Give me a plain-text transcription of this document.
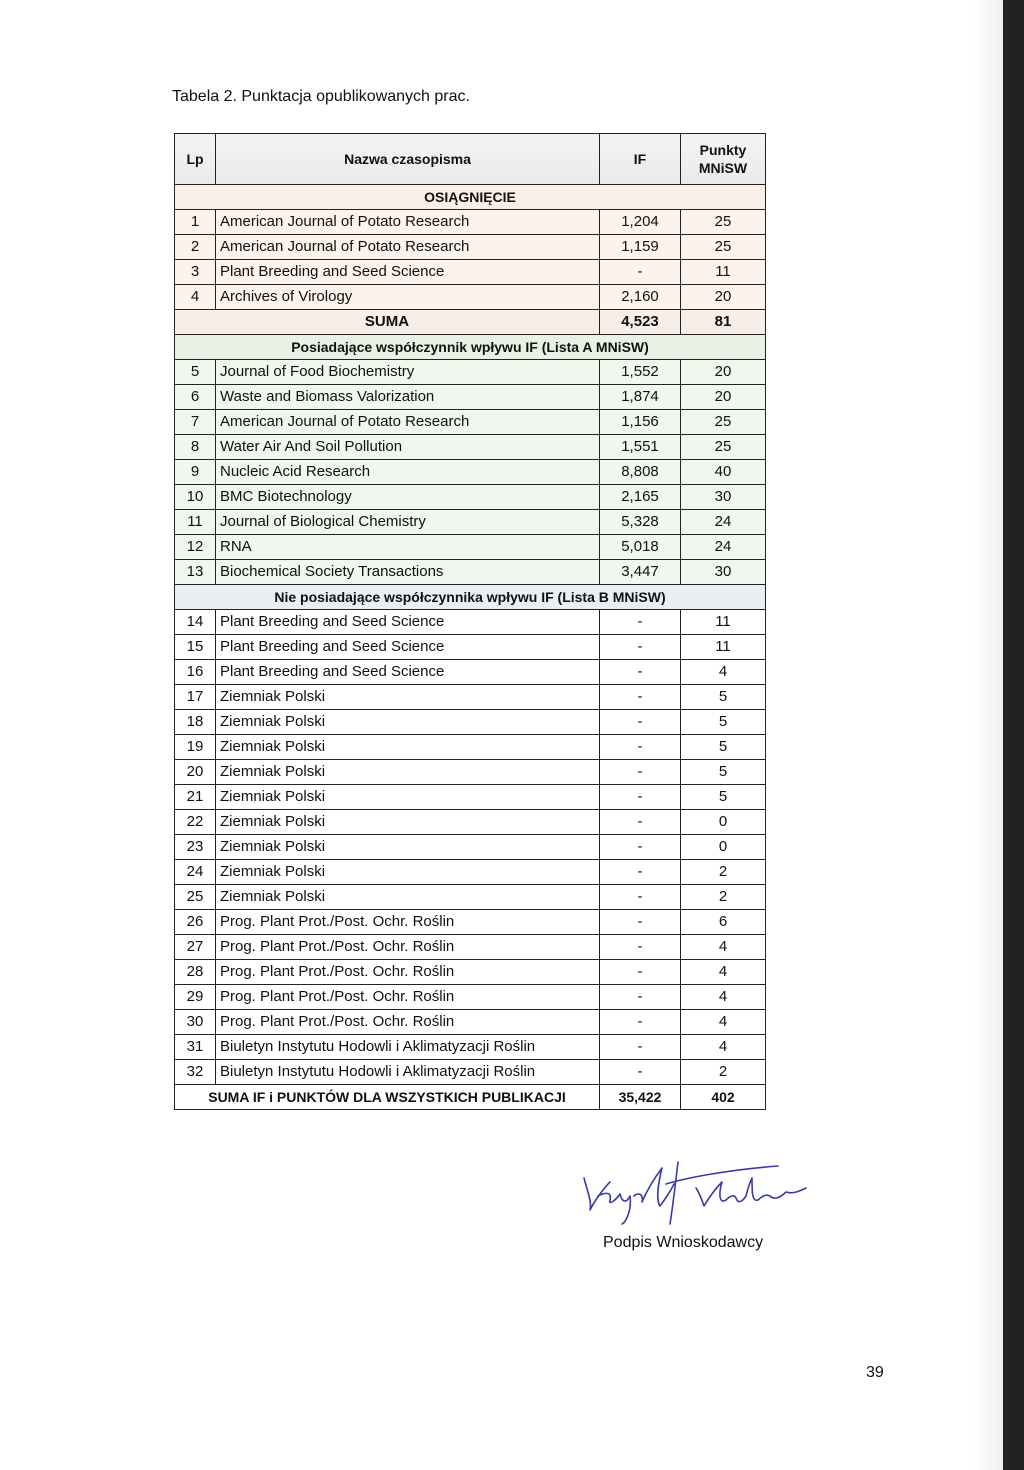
Tabela 2. Punktacja opublikowanych prac.
Lp	Nazwa czasopisma	IF	Punkty MNiSW
OSIĄGNIĘCIE			
1	American Journal of Potato Research	1,204	25
2	American Journal of Potato Research	1,159	25
3	Plant Breeding and Seed Science	-	11
4	Archives of Virology	2,160	20
SUMA		4,523	81
Posiadające współczynnik wpływu IF (Lista A MNiSW)			
5	Journal of Food Biochemistry	1,552	20
6	Waste and Biomass Valorization	1,874	20
7	American Journal of Potato Research	1,156	25
8	Water Air And Soil Pollution	1,551	25
9	Nucleic Acid Research	8,808	40
10	BMC Biotechnology	2,165	30
11	Journal of Biological Chemistry	5,328	24
12	RNA	5,018	24
13	Biochemical Society Transactions	3,447	30
Nie posiadające współczynnika wpływu IF (Lista B MNiSW)			
14	Plant Breeding and Seed Science	-	11
15	Plant Breeding and Seed Science	-	11
16	Plant Breeding and Seed Science	-	4
17	Ziemniak Polski	-	5
18	Ziemniak Polski	-	5
19	Ziemniak Polski	-	5
20	Ziemniak Polski	-	5
21	Ziemniak Polski	-	5
22	Ziemniak Polski	-	0
23	Ziemniak Polski	-	0
24	Ziemniak Polski	-	2
25	Ziemniak Polski	-	2
26	Prog. Plant Prot./Post. Ochr. Roślin	-	6
27	Prog. Plant Prot./Post. Ochr. Roślin	-	4
28	Prog. Plant Prot./Post. Ochr. Roślin	-	4
29	Prog. Plant Prot./Post. Ochr. Roślin	-	4
30	Prog. Plant Prot./Post. Ochr. Roślin	-	4
31	Biuletyn Instytutu Hodowli i Aklimatyzacji Roślin	-	4
32	Biuletyn Instytutu Hodowli i Aklimatyzacji Roślin	-	2
SUMA IF i PUNKTÓW DLA WSZYSTKICH PUBLIKACJI		35,422	402
Podpis Wnioskodawcy
39
